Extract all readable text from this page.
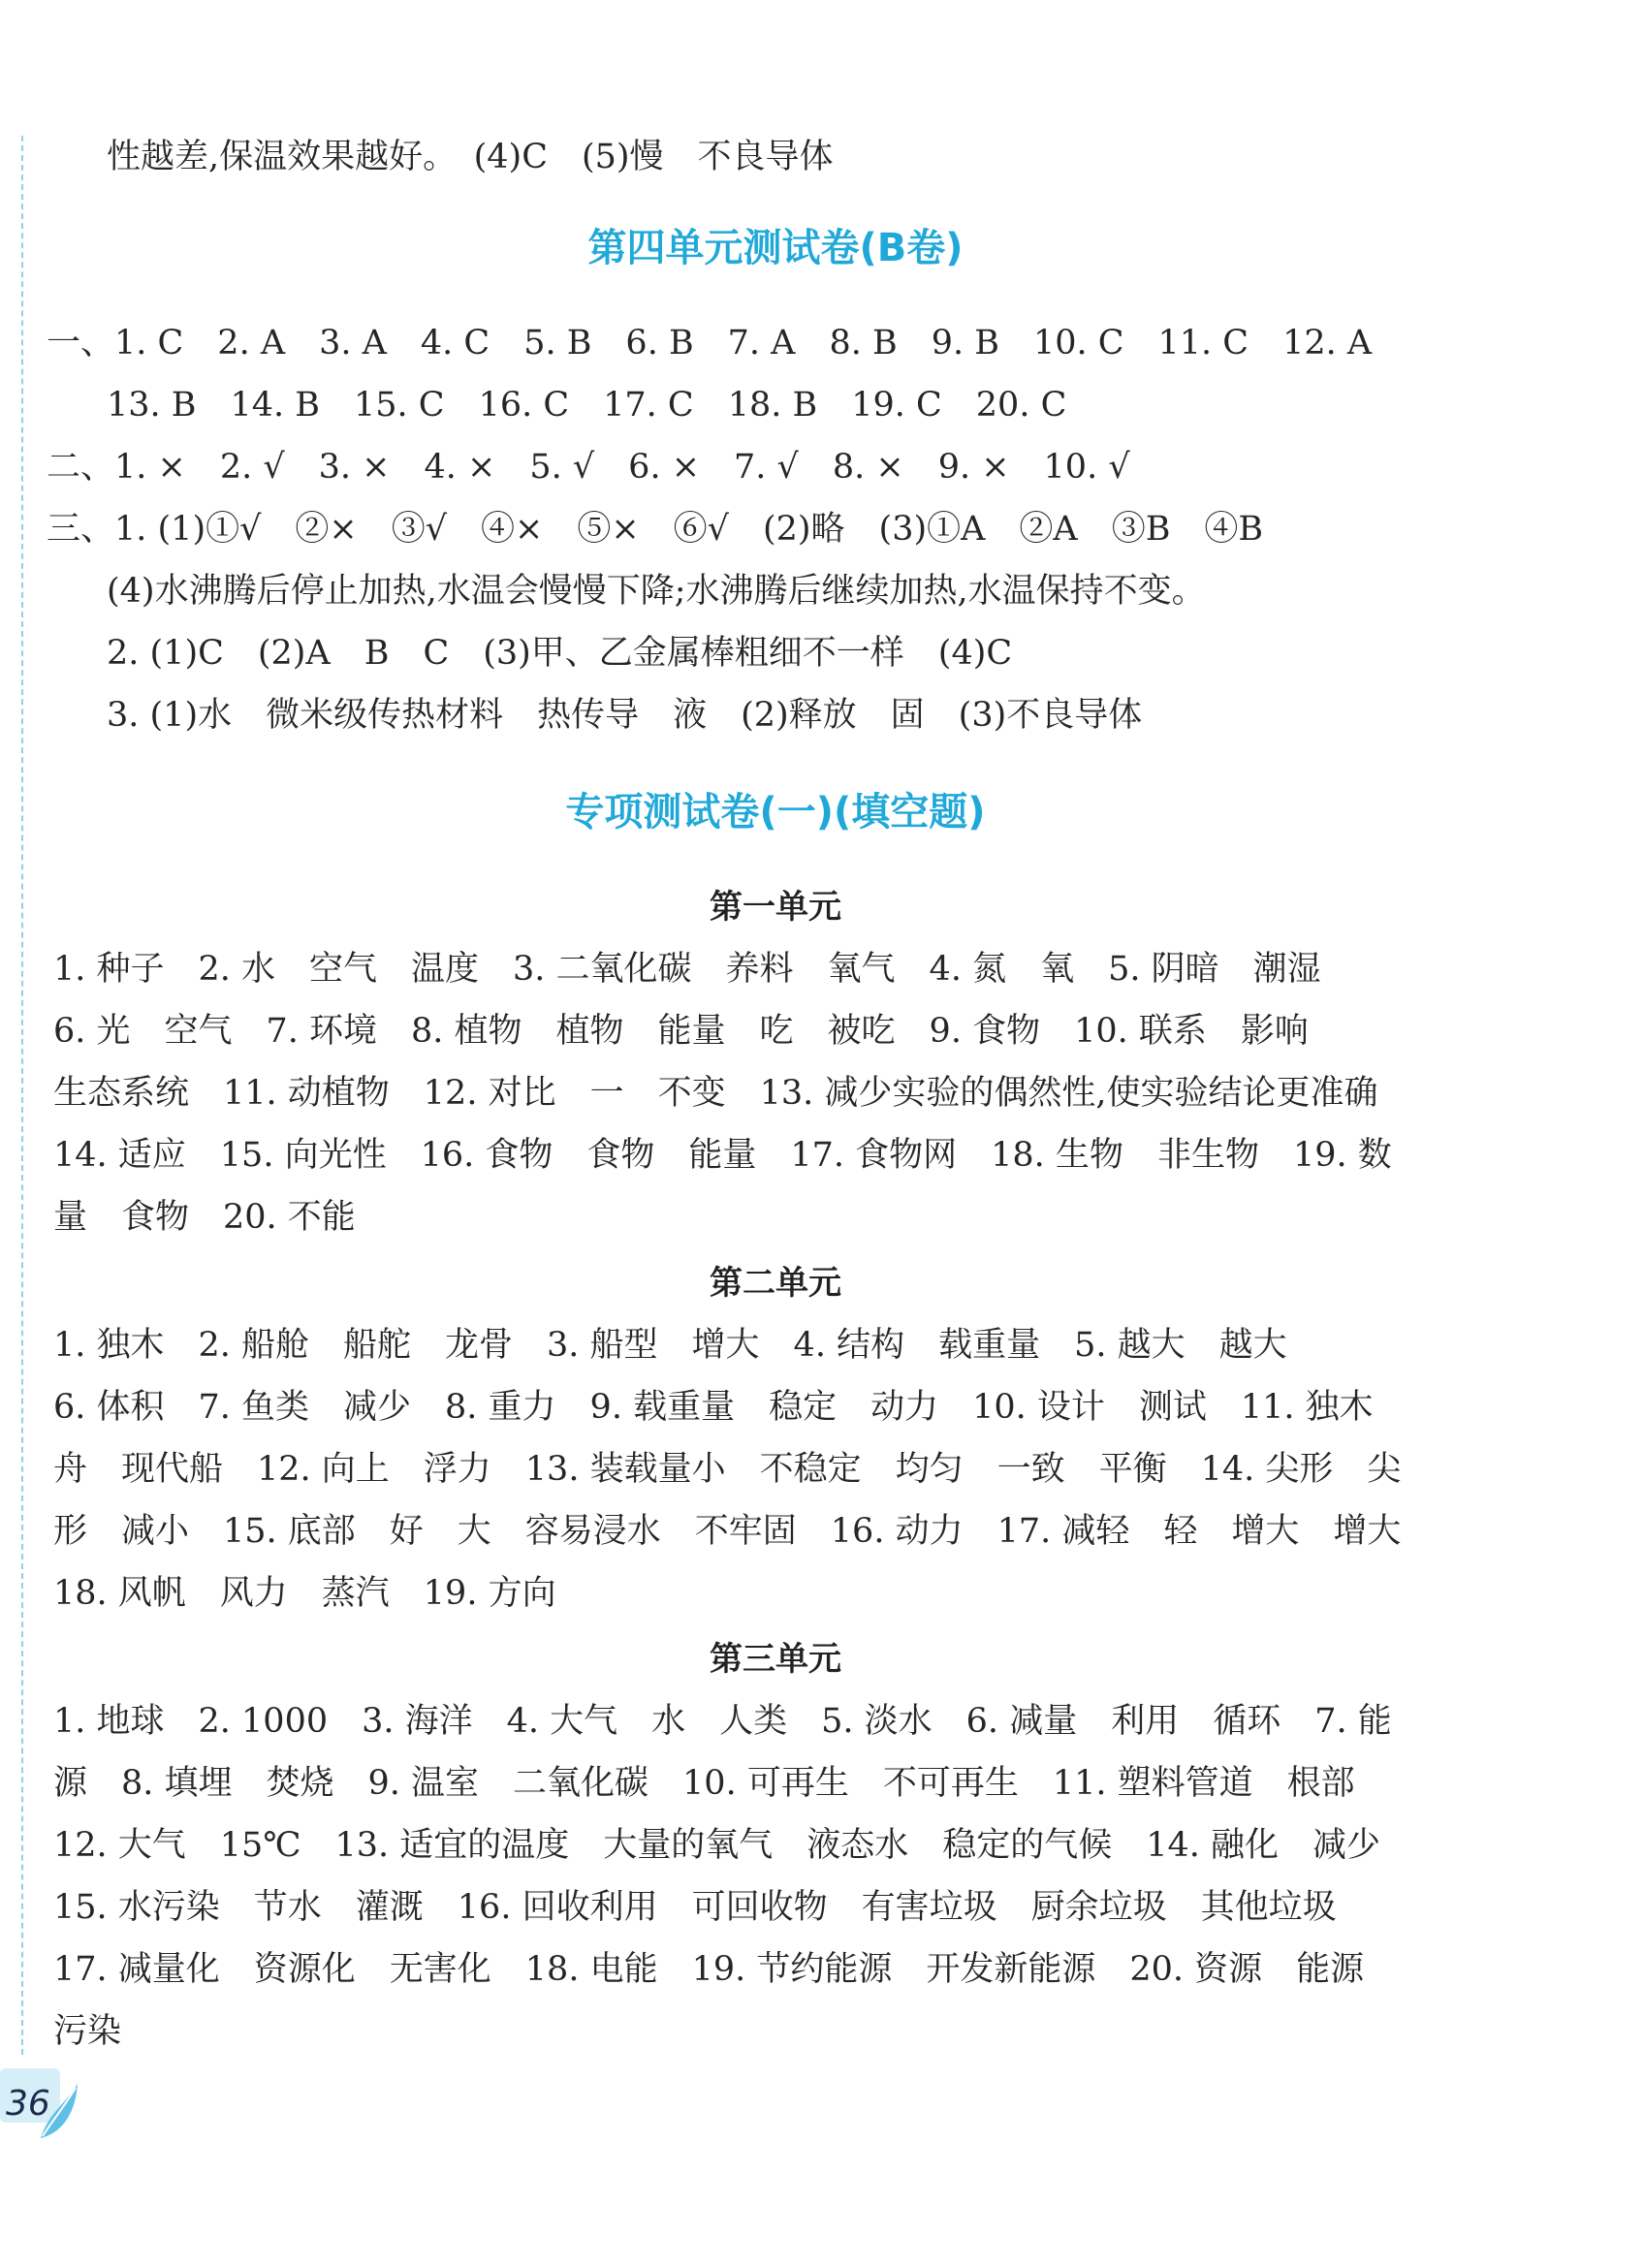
性越差,保温效果越好。　(4)C　(5)慢　不良导体
第四单元测试卷(B卷)
一、1. C　2. A　3. A　4. C　5. B　6. B　7. A　8. B　9. B　10. C　11. C　12. A
13. B　14. B　15. C　16. C　17. C　18. B　19. C　20. C
二、1. ×　2. √　3. ×　4. ×　5. √　6. ×　7. √　8. ×　9. ×　10. √
三、1. (1)①√　②×　③√　④×　⑤×　⑥√　(2)略　(3)①A　②A　③B　④B
(4)水沸腾后停止加热,水温会慢慢下降;水沸腾后继续加热,水温保持不变。
2. (1)C　(2)A　B　C　(3)甲、乙金属棒粗细不一样　(4)C
3. (1)水　微米级传热材料　热传导　液　(2)释放　固　(3)不良导体
专项测试卷(一)(填空题)
第一单元
1. 种子　2. 水　空气　温度　3. 二氧化碳　养料　氧气　4. 氮　氧　5. 阴暗　潮湿
6. 光　空气　7. 环境　8. 植物　植物　能量　吃　被吃　9. 食物　10. 联系　影响
生态系统　11. 动植物　12. 对比　一　不变　13. 减少实验的偶然性,使实验结论更准确
14. 适应　15. 向光性　16. 食物　食物　能量　17. 食物网　18. 生物　非生物　19. 数
量　食物　20. 不能
第二单元
1. 独木　2. 船舱　船舵　龙骨　3. 船型　增大　4. 结构　载重量　5. 越大　越大
6. 体积　7. 鱼类　减少　8. 重力　9. 载重量　稳定　动力　10. 设计　测试　11. 独木
舟　现代船　12. 向上　浮力　13. 装载量小　不稳定　均匀　一致　平衡　14. 尖形　尖
形　减小　15. 底部　好　大　容易浸水　不牢固　16. 动力　17. 减轻　轻　增大　增大
18. 风帆　风力　蒸汽　19. 方向
第三单元
1. 地球　2. 1000　3. 海洋　4. 大气　水　人类　5. 淡水　6. 减量　利用　循环　7. 能
源　8. 填埋　焚烧　9. 温室　二氧化碳　10. 可再生　不可再生　11. 塑料管道　根部
12. 大气　15℃　13. 适宜的温度　大量的氧气　液态水　稳定的气候　14. 融化　减少
15. 水污染　节水　灌溉　16. 回收利用　可回收物　有害垃圾　厨余垃圾　其他垃圾
17. 减量化　资源化　无害化　18. 电能　19. 节约能源　开发新能源　20. 资源　能源
污染
36
